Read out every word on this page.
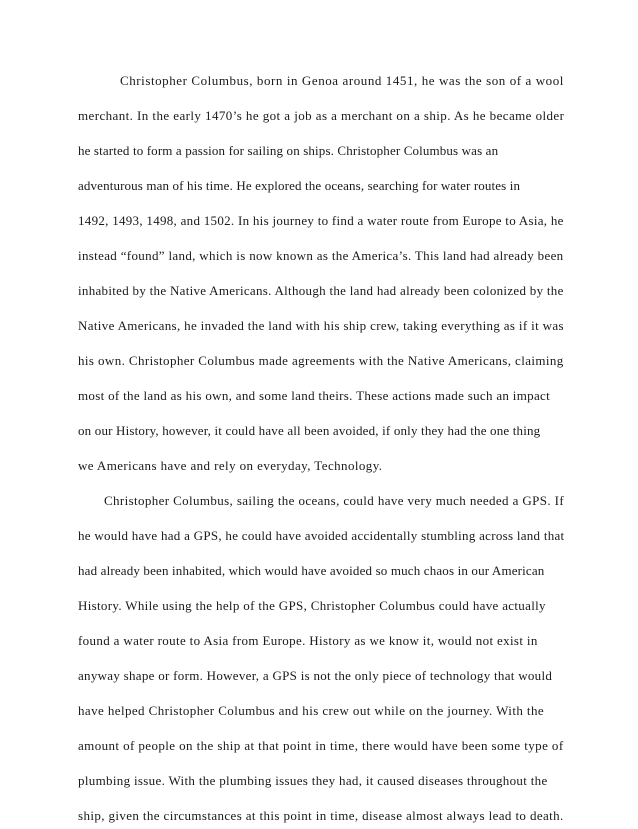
Christopher Columbus, born in Genoa around 1451, he was the son of a wool
merchant. In the early 1470’s he got a job as a merchant on a ship. As he became older
he started to form a passion for sailing on ships. Christopher Columbus was an
adventurous man of his time. He explored the oceans, searching for water routes in
1492, 1493, 1498, and 1502. In his journey to find a water route from Europe to Asia, he
instead “found” land, which is now known as the America’s. This land had already been
inhabited by the Native Americans. Although the land had already been colonized by the
Native Americans, he invaded the land with his ship crew, taking everything as if it was
his own. Christopher Columbus made agreements with the Native Americans, claiming
most of the land as his own, and some land theirs. These actions made such an impact
on our History, however, it could have all been avoided, if only they had the one thing
we Americans have and rely on everyday, Technology.
Christopher Columbus, sailing the oceans, could have very much needed a GPS. If
he would have had a GPS, he could have avoided accidentally stumbling across land that
had already been inhabited, which would have avoided so much chaos in our American
History. While using the help of the GPS, Christopher Columbus could have actually
found a water route to Asia from Europe. History as we know it, would not exist in
anyway shape or form. However, a GPS is not the only piece of technology that would
have helped Christopher Columbus and his crew out while on the journey. With the
amount of people on the ship at that point in time, there would have been some type of
plumbing issue. With the plumbing issues they had, it caused diseases throughout the
ship, given the circumstances at this point in time, disease almost always lead to death.
